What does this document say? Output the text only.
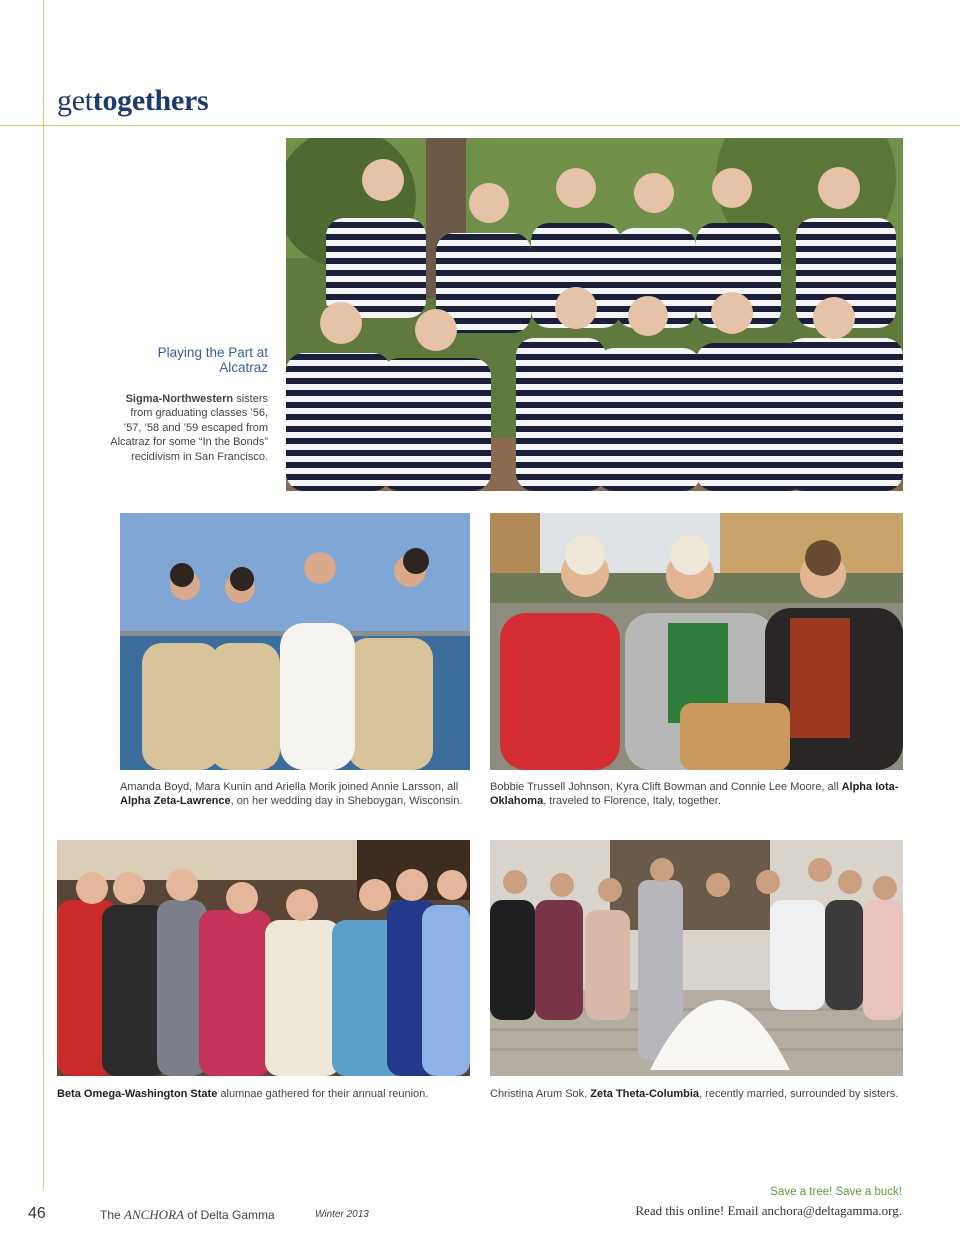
gettogethers
Playing the Part at Alcatraz
Sigma-Northwestern sisters from graduating classes ’56, ’57, ’58 and ’59 escaped from Alcatraz for some “In the Bonds” recidivism in San Francisco.
Amanda Boyd, Mara Kunin and Ariella Morik joined Annie Larsson, all Alpha Zeta-Lawrence, on her wedding day in Sheboygan, Wisconsin.
Bobbie Trussell Johnson, Kyra Clift Bowman and Connie Lee Moore, all Alpha Iota-Oklahoma, traveled to Florence, Italy, together.
Beta Omega-Washington State alumnae gathered for their annual reunion.	Christina Arum Sok, Zeta Theta-Columbia, recently married, surrounded by sisters.
46	The ANCHORA of Delta Gamma	Winter 2013
Save a tree! Save a buck!
Read this online! Email anchora@deltagamma.org.
